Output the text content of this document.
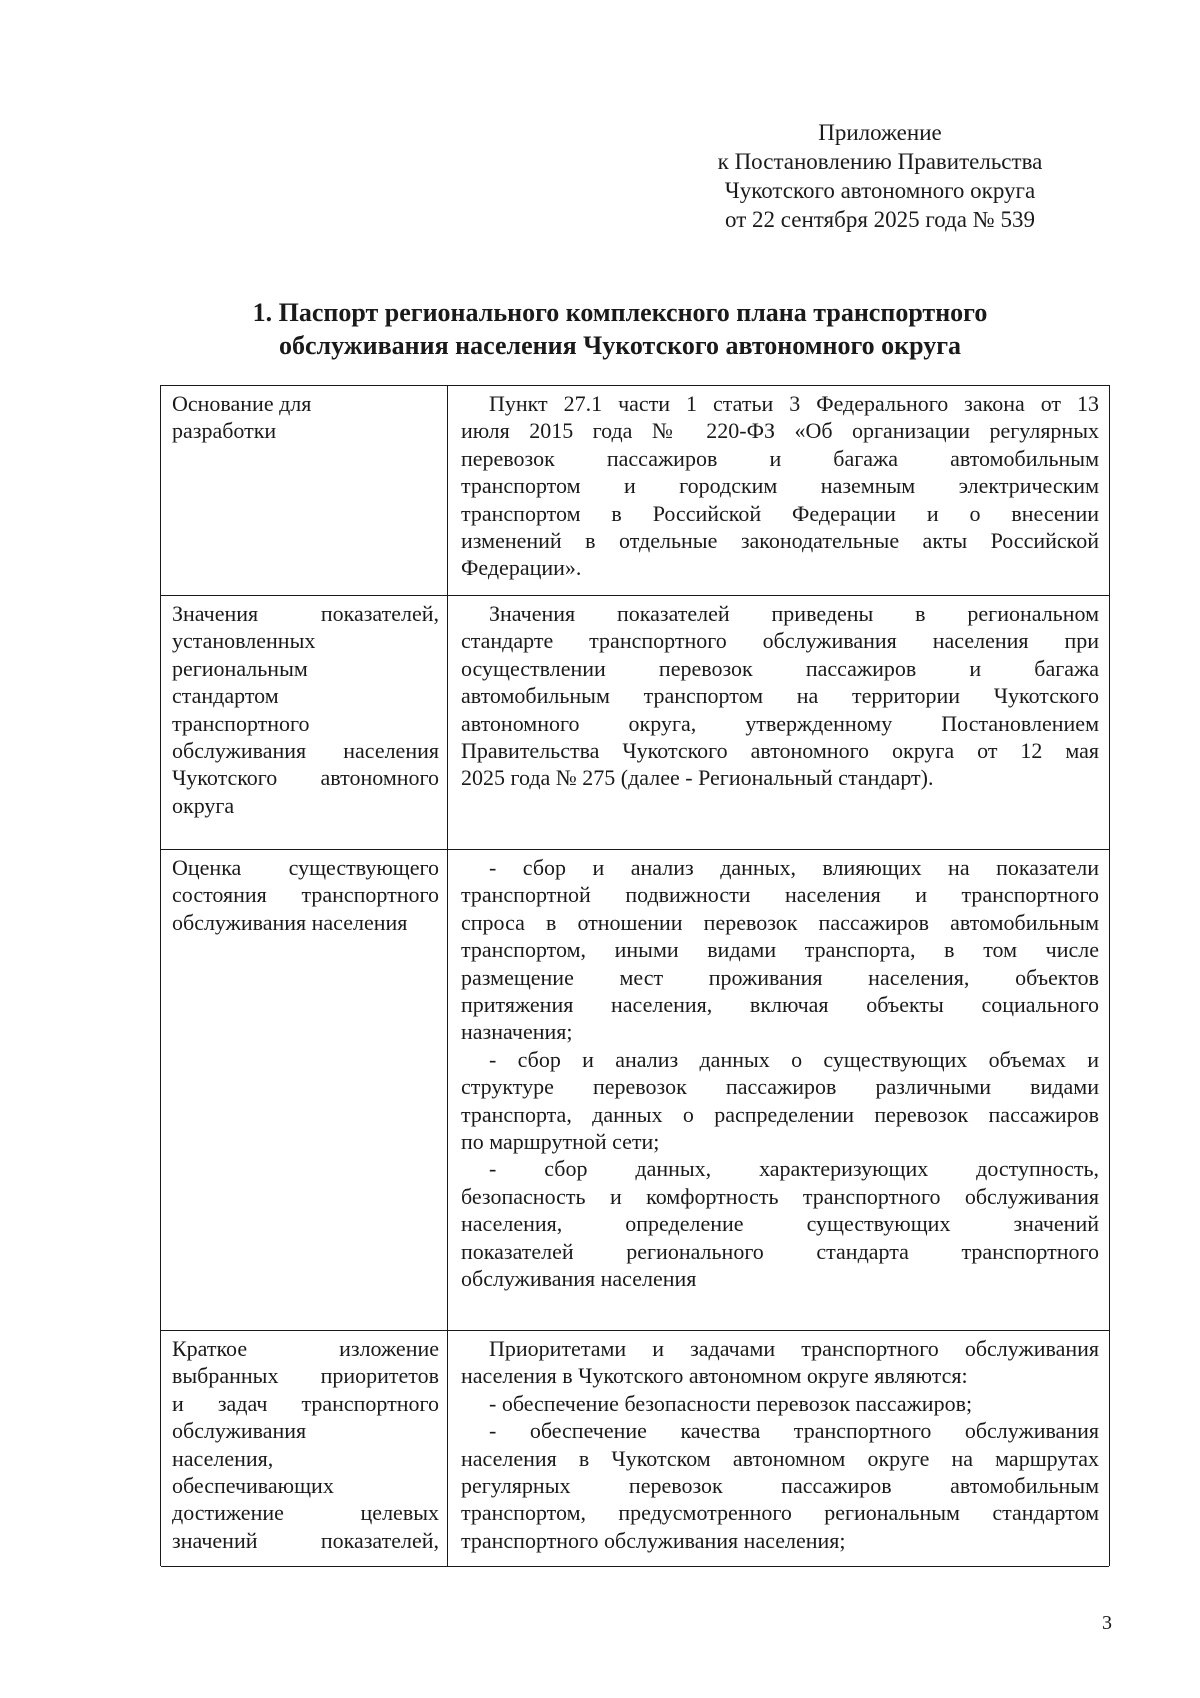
Приложение
к Постановлению Правительства
Чукотского автономного округа
от 22 сентября 2025 года № 539
1. Паспорт регионального комплексного плана транспортного
обслуживания населения Чукотского автономного округа
Основание для
разработки
Пункт 27.1 части 1 статьи 3 Федерального закона от 13
июля 2015 года № 220-ФЗ «Об организации регулярных
перевозок пассажиров и багажа автомобильным
транспортом и городским наземным электрическим
транспортом в Российской Федерации и о внесении
изменений в отдельные законодательные акты Российской
Федерации».
Значения показателей,
установленных
региональным
стандартом
транспортного
обслуживания населения
Чукотского автономного
округа
Значения показателей приведены в региональном
стандарте транспортного обслуживания населения при
осуществлении перевозок пассажиров и багажа
автомобильным транспортом на территории Чукотского
автономного округа, утвержденному Постановлением
Правительства Чукотского автономного округа от 12 мая
2025 года № 275 (далее - Региональный стандарт).
Оценка существующего
состояния транспортного
обслуживания населения
- сбор и анализ данных, влияющих на показатели
транспортной подвижности населения и транспортного
спроса в отношении перевозок пассажиров автомобильным
транспортом, иными видами транспорта, в том числе
размещение мест проживания населения, объектов
притяжения населения, включая объекты социального
назначения;
- сбор и анализ данных о существующих объемах и
структуре перевозок пассажиров различными видами
транспорта, данных о распределении перевозок пассажиров
по маршрутной сети;
- сбор данных, характеризующих доступность,
безопасность и комфортность транспортного обслуживания
населения, определение существующих значений
показателей регионального стандарта транспортного
обслуживания населения
Краткое изложение
выбранных приоритетов
и задач транспортного
обслуживания
населения,
обеспечивающих
достижение целевых
значений показателей,
Приоритетами и задачами транспортного обслуживания
населения в Чукотского автономном округе являются:
- обеспечение безопасности перевозок пассажиров;
- обеспечение качества транспортного обслуживания
населения в Чукотском автономном округе на маршрутах
регулярных перевозок пассажиров автомобильным
транспортом, предусмотренного региональным стандартом
транспортного обслуживания населения;
3
